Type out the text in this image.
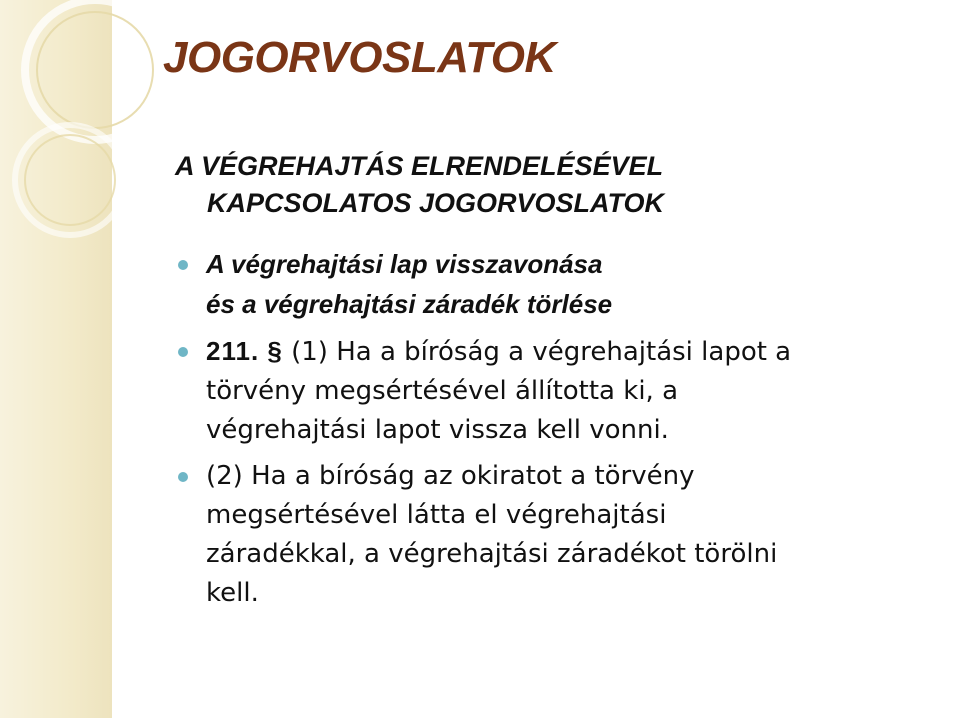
JOGORVOSLATOK
A VÉGREHAJTÁS ELRENDELÉSÉVEL
KAPCSOLATOS JOGORVOSLATOK
A végrehajtási lap visszavonása
és a végrehajtási záradék törlése
211. § (1) Ha a bíróság a végrehajtási lapot a
törvény megsértésével állította ki, a
végrehajtási lapot vissza kell vonni.
(2) Ha a bíróság az okiratot a törvény
megsértésével látta el végrehajtási
záradékkal, a végrehajtási záradékot törölni
kell.
